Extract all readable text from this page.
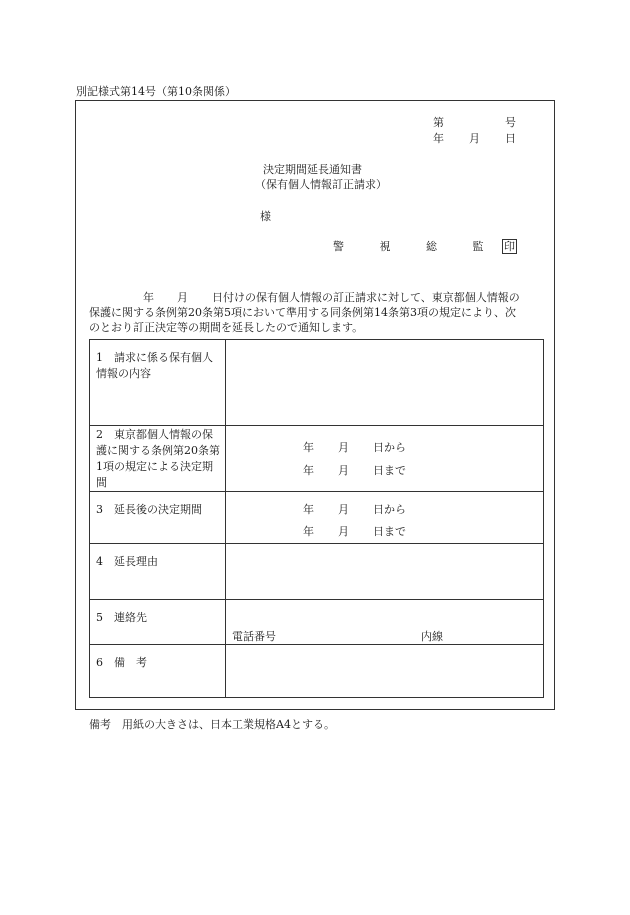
別記様式第14号（第10条関係）
第	号
年 月 日
決定期間延長通知書
（保有個人情報訂正請求）
様
警 視 総 監 印
年 月 日付けの保有個人情報の訂正請求に対して、東京都個人情報の
保護に関する条例第20条第5項において準用する同条例第14条第3項の規定により、次
のとおり訂正決定等の期間を延長したので通知します。
1　請求に係る保有個人情報の内容	
2　東京都個人情報の保護に関する条例第20条第1項の規定による決定期間	年 月 日から
年 月 日まで

3　延長後の決定期間	年 月 日から
年 月 日まで

4　延長理由	
5　連絡先	電話番号 内線

6　備　考	
備考　用紙の大きさは、日本工業規格A4とする。
